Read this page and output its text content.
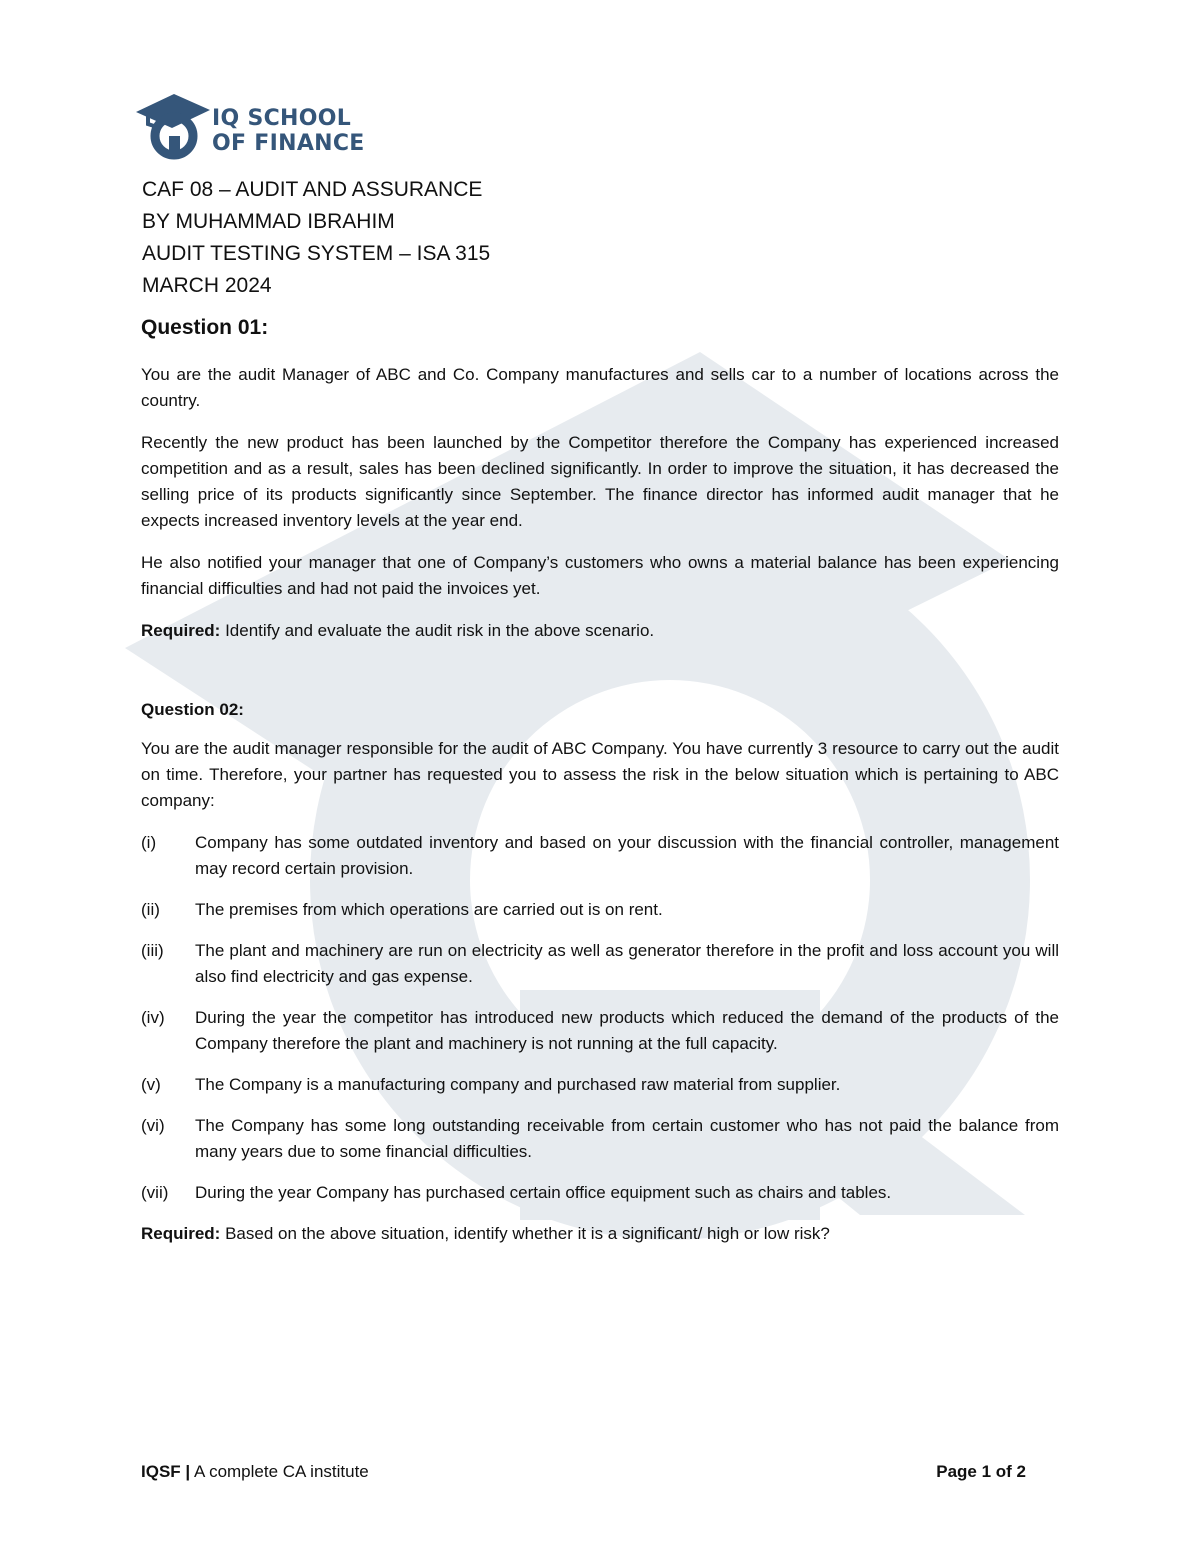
IQ SCHOOL
OF FINANCE
CAF 08 – AUDIT AND ASSURANCE
BY MUHAMMAD IBRAHIM
AUDIT TESTING SYSTEM – ISA 315
MARCH 2024
Question 01:

You are the audit Manager of ABC and Co. Company manufactures and sells car to a number of locations across the country.

Recently the new product has been launched by the Competitor therefore the Company has experienced increased competition and as a result, sales has been declined significantly. In order to improve the situation, it has decreased the selling price of its products significantly since September. The finance director has informed audit manager that he expects increased inventory levels at the year end.

He also notified your manager that one of Company’s customers who owns a material balance has been experiencing financial difficulties and had not paid the invoices yet.

Required: Identify and evaluate the audit risk in the above scenario.

Question 02:

You are the audit manager responsible for the audit of ABC Company. You have currently 3 resource to carry out the audit on time. Therefore, your partner has requested you to assess the risk in the below situation which is pertaining to ABC company:

(i)	Company has some outdated inventory and based on your discussion with the financial controller, management may record certain provision.
(ii)	The premises from which operations are carried out is on rent.
(iii)	The plant and machinery are run on electricity as well as generator therefore in the profit and loss account you will also find electricity and gas expense.
(iv)	During the year the competitor has introduced new products which reduced the demand of the products of the Company therefore the plant and machinery is not running at the full capacity.
(v)	The Company is a manufacturing company and purchased raw material from supplier.
(vi)	The Company has some long outstanding receivable from certain customer who has not paid the balance from many years due to some financial difficulties.
(vii)	During the year Company has purchased certain office equipment such as chairs and tables.

Required: Based on the above situation, identify whether it is a significant/ high or low risk?

IQSF | A complete CA institute	Page 1 of 2
